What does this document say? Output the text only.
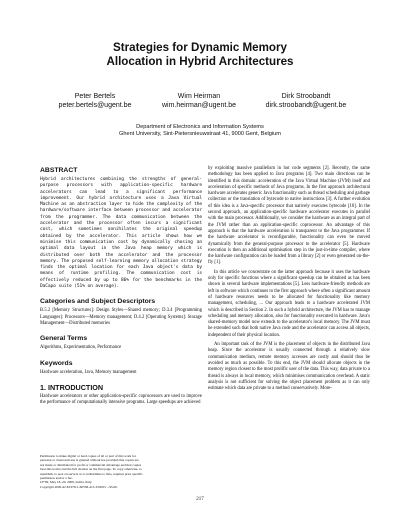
Strategies for Dynamic Memory
Allocation in Hybrid Architectures
Peter Bertels
peter.bertels@ugent.be
Wim Heirman
wim.heirman@ugent.be
Dirk Stroobandt
dirk.stroobandt@ugent.be
Department of Electronics and Information Systems
Ghent University, Sint-Pietersnieuwstraat 41, 9000 Gent, Belgium
ABSTRACT

Hybrid architectures combining the strengths of general-purpose processors with application-specific hardware accelerators can lead to a significant performance improvement. Our hybrid architecture uses a Java Virtual Machine as an abstraction layer to hide the complexity of the hardware/software interface between processor and accelerator from the programmer. The data communication between the accelerator and the processor often incurs a significant cost, which sometimes annihilates the original speedup obtained by the accelerator. This article shows how we minimise this communication cost by dynamically chosing an optimal data layout in the Java heap memory which is distributed over both the accelerator and the processor memory. The proposed self-learning memory allocation strategy finds the optimal location for each Java object's data by means of runtime profiling. The communication cost is effectively reduced by up to 86% for the benchmarks in the DaCapo suite (51% on average).

Categories and Subject Descriptors

B.5.2 [Memory Structures]: Design Styles—Shared memory; D.3.4 [Programming Languages]: Processors—Memory management; D.4.2 [Operating Systems]: Storage Management—Distributed memories

General Terms

Algorithms, Experimentation, Performance

Keywords

Hardware acceleration, Java, Memory management

1. INTRODUCTION

Hardware accelerators or other application-specific coprocessors are used to improve the performance of computationally intensive programs. Large speedups are achieved

Permission to make digital or hard copies of all or part of this work for
personal or classroom use is granted without fee provided that copies are
not made or distributed for profit or commercial advantage and that copies
bear this notice and the full citation on the first page. To copy otherwise, to
republish, to post on servers or to redistribute to lists, requires prior specific
permission and/or a fee.
CF'09, May 18–20, 2009, Ischia, Italy.
Copyright 2009 ACM 978-1-60558-413-3/09/05 ...$5.00.

by exploiting massive parallelism in hot code segments [2]. Recently, the same methodology has been applied to Java programs [4]. Two main directions can be identified in this domain: acceleration of the Java Virtual Machine (JVM) itself and acceleration of specific methods of Java programs. In the first approach architectural hardware accelerates generic Java functionality such as thread scheduling and garbage collection or the translation of bytecode to native instructions [3]. A further evolution of this idea is a Java-specific processor that natively executes bytecode [10]. In the second approach, an application-specific hardware accelerator executes in parallel with the main processor. Additionally, we consider the hardware as an integral part of the JVM rather than an application-specific coprocessor. An advantage of this approach is that the hardware acceleration is transparent to the Java programmer. If the hardware accelerator is reconfigurable, functionality can even be moved dynamically from the general-purpose processor to the accelerator [5]. Hardware execution is then an additional optimisation step in the just-in-time compiler, where the hardware configuration can be loaded from a library [2] or even generated on-the-fly [1].

In this article we concentrate on the latter approach because it uses the hardware only for specific functions where a significant speedup can be obtained as has been shown in several hardware implementations [5]. Less hardware-friendly methods are left in software which continues to the first approach where often a significant amount of hardware resources needs to be allocated for functionality like memory management, scheduling, ... Our approach leads to a hardware accelerated JVM which is described in Section 2. In such a hybrid architecture, the JVM has to manage scheduling and memory allocation, also for functionality executed in hardware. Java's shared-memory model now extends to the accelerator's local memory. The JVM must be extended such that both native Java code and the accelerator can access all objects, independent of their physical location.

An important task of the JVM is the placement of objects in the distributed Java heap. Since the accelerator is usually connected through a relatively slow communication medium, remote memory accesses are costly and should thus be avoided as much as possible. To this end, the JVM should allocate objects in the memory region closest to the most prolific user of the data. This way, data private to a thread is always in local memory, which minimises communication overhead. A static analysis is not sufficient for solving the object placement problem as it can only estimate which data are private to a method conservatively. More-

217
